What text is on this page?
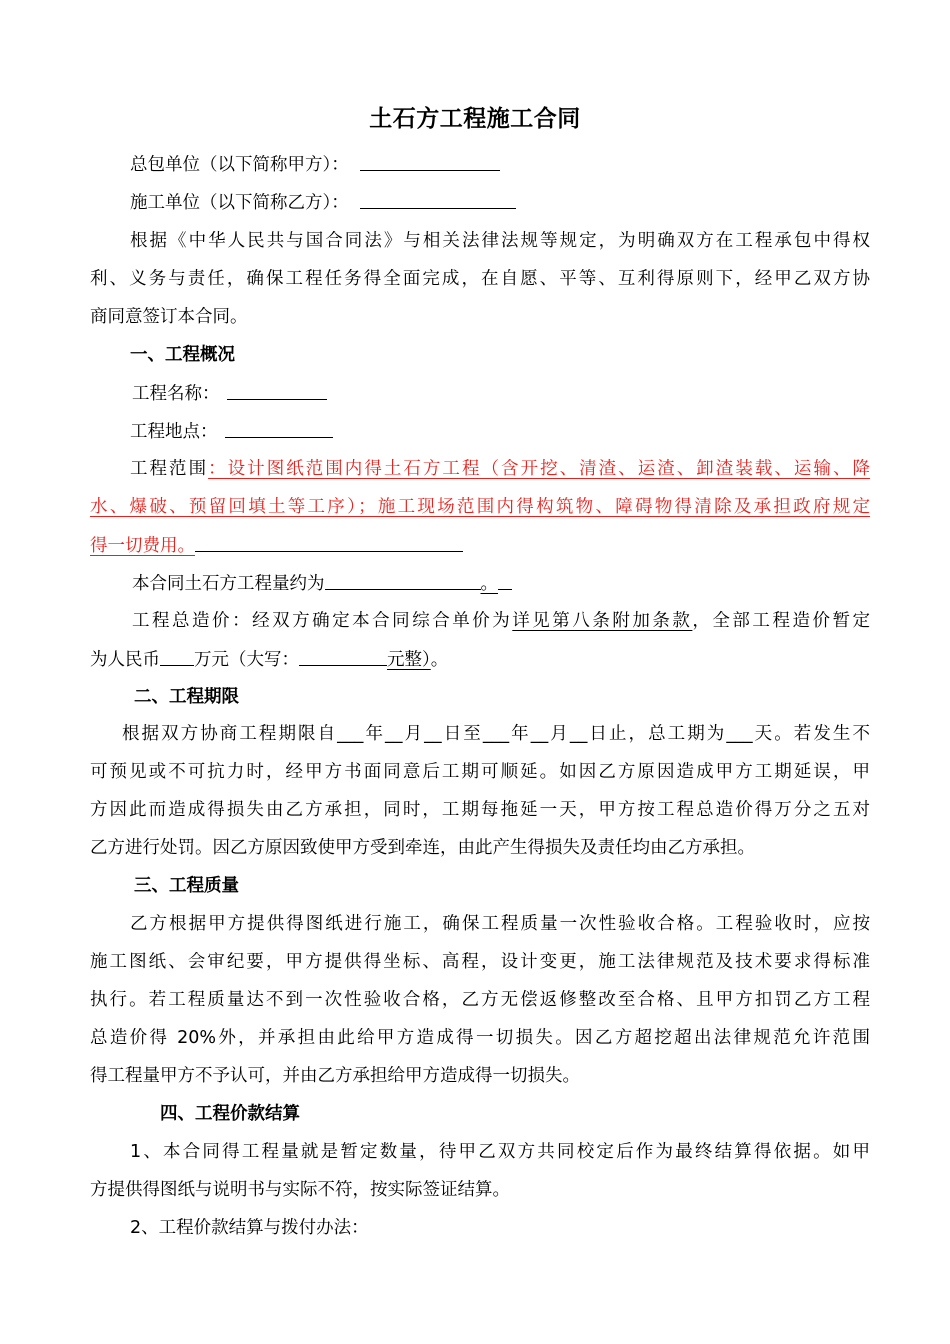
土石方工程施工合同
总包单位（以下简称甲方）：
施工单位（以下简称乙方）：
根据《中华人民共与国合同法》与相关法律法规等规定，为明确双方在工程承包中得权
利、义务与责任，确保工程任务得全面完成，在自愿、平等、互利得原则下，经甲乙双方协
商同意签订本合同。
一、工程概况
工程名称：
工程地点：
工程范围：设计图纸范围内得土石方工程（含开挖、清渣、运渣、卸渣装载、运输、降
水、爆破、预留回填土等工序）；施工现场范围内得构筑物、障碍物得清除及承担政府规定
得一切费用。
本合同土石方工程量约为	。
工程总造价：经双方确定本合同综合单价为详见第八条附加条款，全部工程造价暂定
为人民币 万元（大写：	元整）。
二、工程期限
根据双方协商工程期限自___年__月__日至___年__月__日止，总工期为___天。若发生不
可预见或不可抗力时，经甲方书面同意后工期可顺延。如因乙方原因造成甲方工期延误，甲
方因此而造成得损失由乙方承担，同时，工期每拖延一天，甲方按工程总造价得万分之五对
乙方进行处罚。因乙方原因致使甲方受到牵连，由此产生得损失及责任均由乙方承担。
三、工程质量
乙方根据甲方提供得图纸进行施工，确保工程质量一次性验收合格。工程验收时，应按
施工图纸、会审纪要，甲方提供得坐标、高程，设计变更，施工法律规范及技术要求得标准
执行。若工程质量达不到一次性验收合格，乙方无偿返修整改至合格、且甲方扣罚乙方工程
总造价得 20%外，并承担由此给甲方造成得一切损失。因乙方超挖超出法律规范允许范围
得工程量甲方不予认可，并由乙方承担给甲方造成得一切损失。
四、工程价款结算
1、本合同得工程量就是暂定数量，待甲乙双方共同校定后作为最终结算得依据。如甲
方提供得图纸与说明书与实际不符，按实际签证结算。
2、工程价款结算与拨付办法：
